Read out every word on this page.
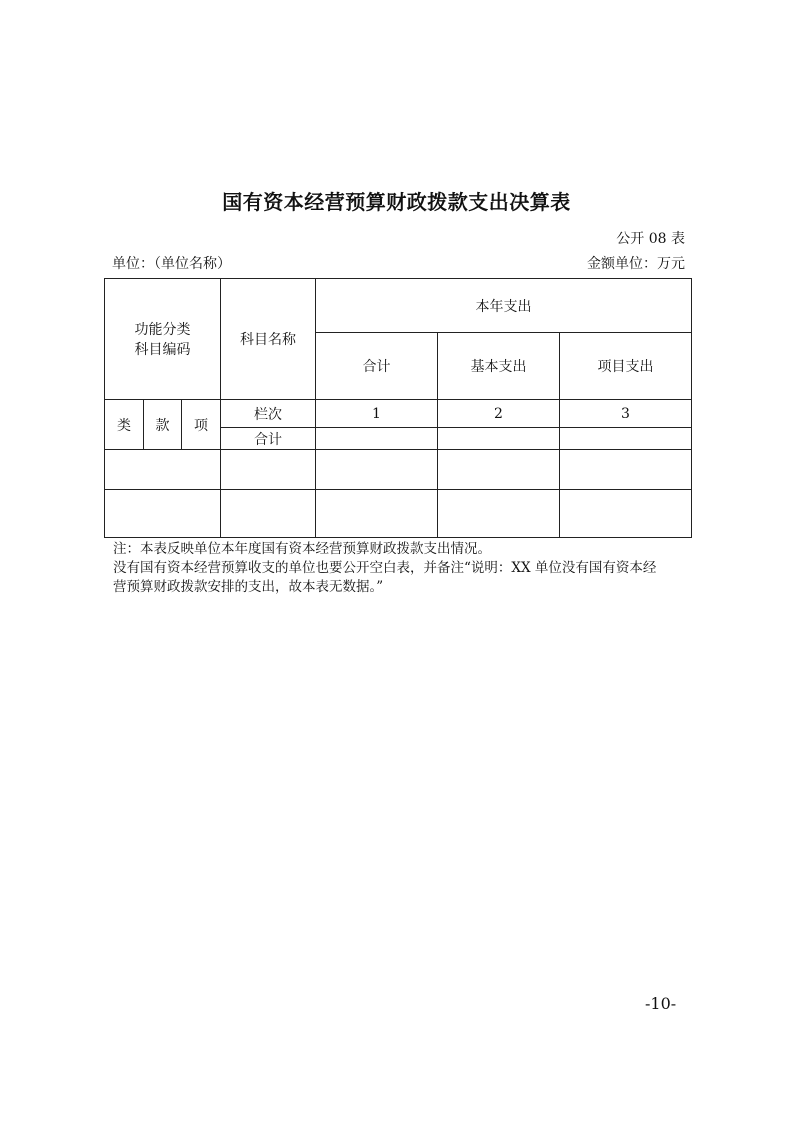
国有资本经营预算财政拨款支出决算表
公开 08 表
单位：（单位名称）	金额单位：万元
功能分类
科目编码			科目名称	本年支出		
				合计	基本支出	项目支出
类	款	项	栏次	1	2	3
			合计			

注：本表反映单位本年度国有资本经营预算财政拨款支出情况。
没有国有资本经营预算收支的单位也要公开空白表，并备注“说明：XX 单位没有国有资本经
营预算财政拨款安排的支出，故本表无数据。”
-10-
